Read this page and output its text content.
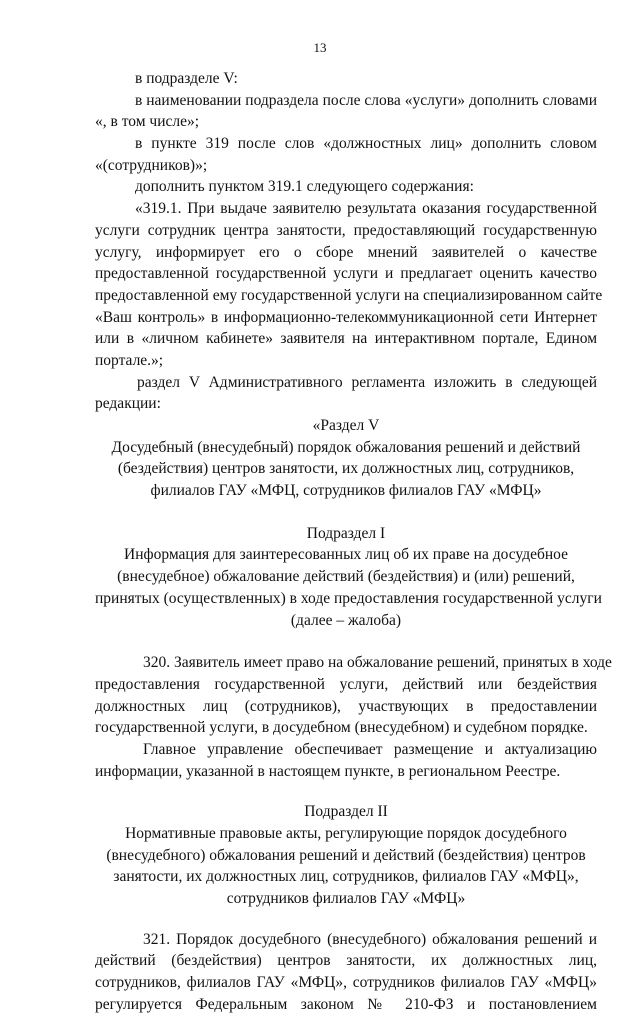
13
в подразделе V:
в наименовании подраздела после слова «услуги» дополнить словами
«, в том числе»;
в пункте 319 после слов «должностных лиц» дополнить словом
«(сотрудников)»;
дополнить пунктом 319.1 следующего содержания:
«319.1. При выдаче заявителю результата оказания государственной
услуги сотрудник центра занятости, предоставляющий государственную
услугу, информирует его о сборе мнений заявителей о качестве
предоставленной государственной услуги и предлагает оценить качество
предоставленной ему государственной услуги на специализированном сайте
«Ваш контроль» в информационно-телекоммуникационной сети Интернет
или в «личном кабинете» заявителя на интерактивном портале, Едином
портале.»;
раздел V Административного регламента изложить в следующей
редакции:
«Раздел V
Досудебный (внесудебный) порядок обжалования решений и действий
(бездействия) центров занятости, их должностных лиц, сотрудников,
филиалов ГАУ «МФЦ, сотрудников филиалов ГАУ «МФЦ»
Подраздел I
Информация для заинтересованных лиц об их праве на досудебное
(внесудебное) обжалование действий (бездействия) и (или) решений,
принятых (осуществленных) в ходе предоставления государственной услуги
(далее – жалоба)
320. Заявитель имеет право на обжалование решений, принятых в ходе
предоставления государственной услуги, действий или бездействия
должностных лиц (сотрудников), участвующих в предоставлении
государственной услуги, в досудебном (внесудебном) и судебном порядке.
Главное управление обеспечивает размещение и актуализацию
информации, указанной в настоящем пункте, в региональном Реестре.
Подраздел II
Нормативные правовые акты, регулирующие порядок досудебного
(внесудебного) обжалования решений и действий (бездействия) центров
занятости, их должностных лиц, сотрудников, филиалов ГАУ «МФЦ»,
сотрудников филиалов ГАУ «МФЦ»
321. Порядок досудебного (внесудебного) обжалования решений и
действий (бездействия) центров занятости, их должностных лиц,
сотрудников, филиалов ГАУ «МФЦ», сотрудников филиалов ГАУ «МФЦ»
регулируется Федеральным законом № 210-ФЗ и постановлением
